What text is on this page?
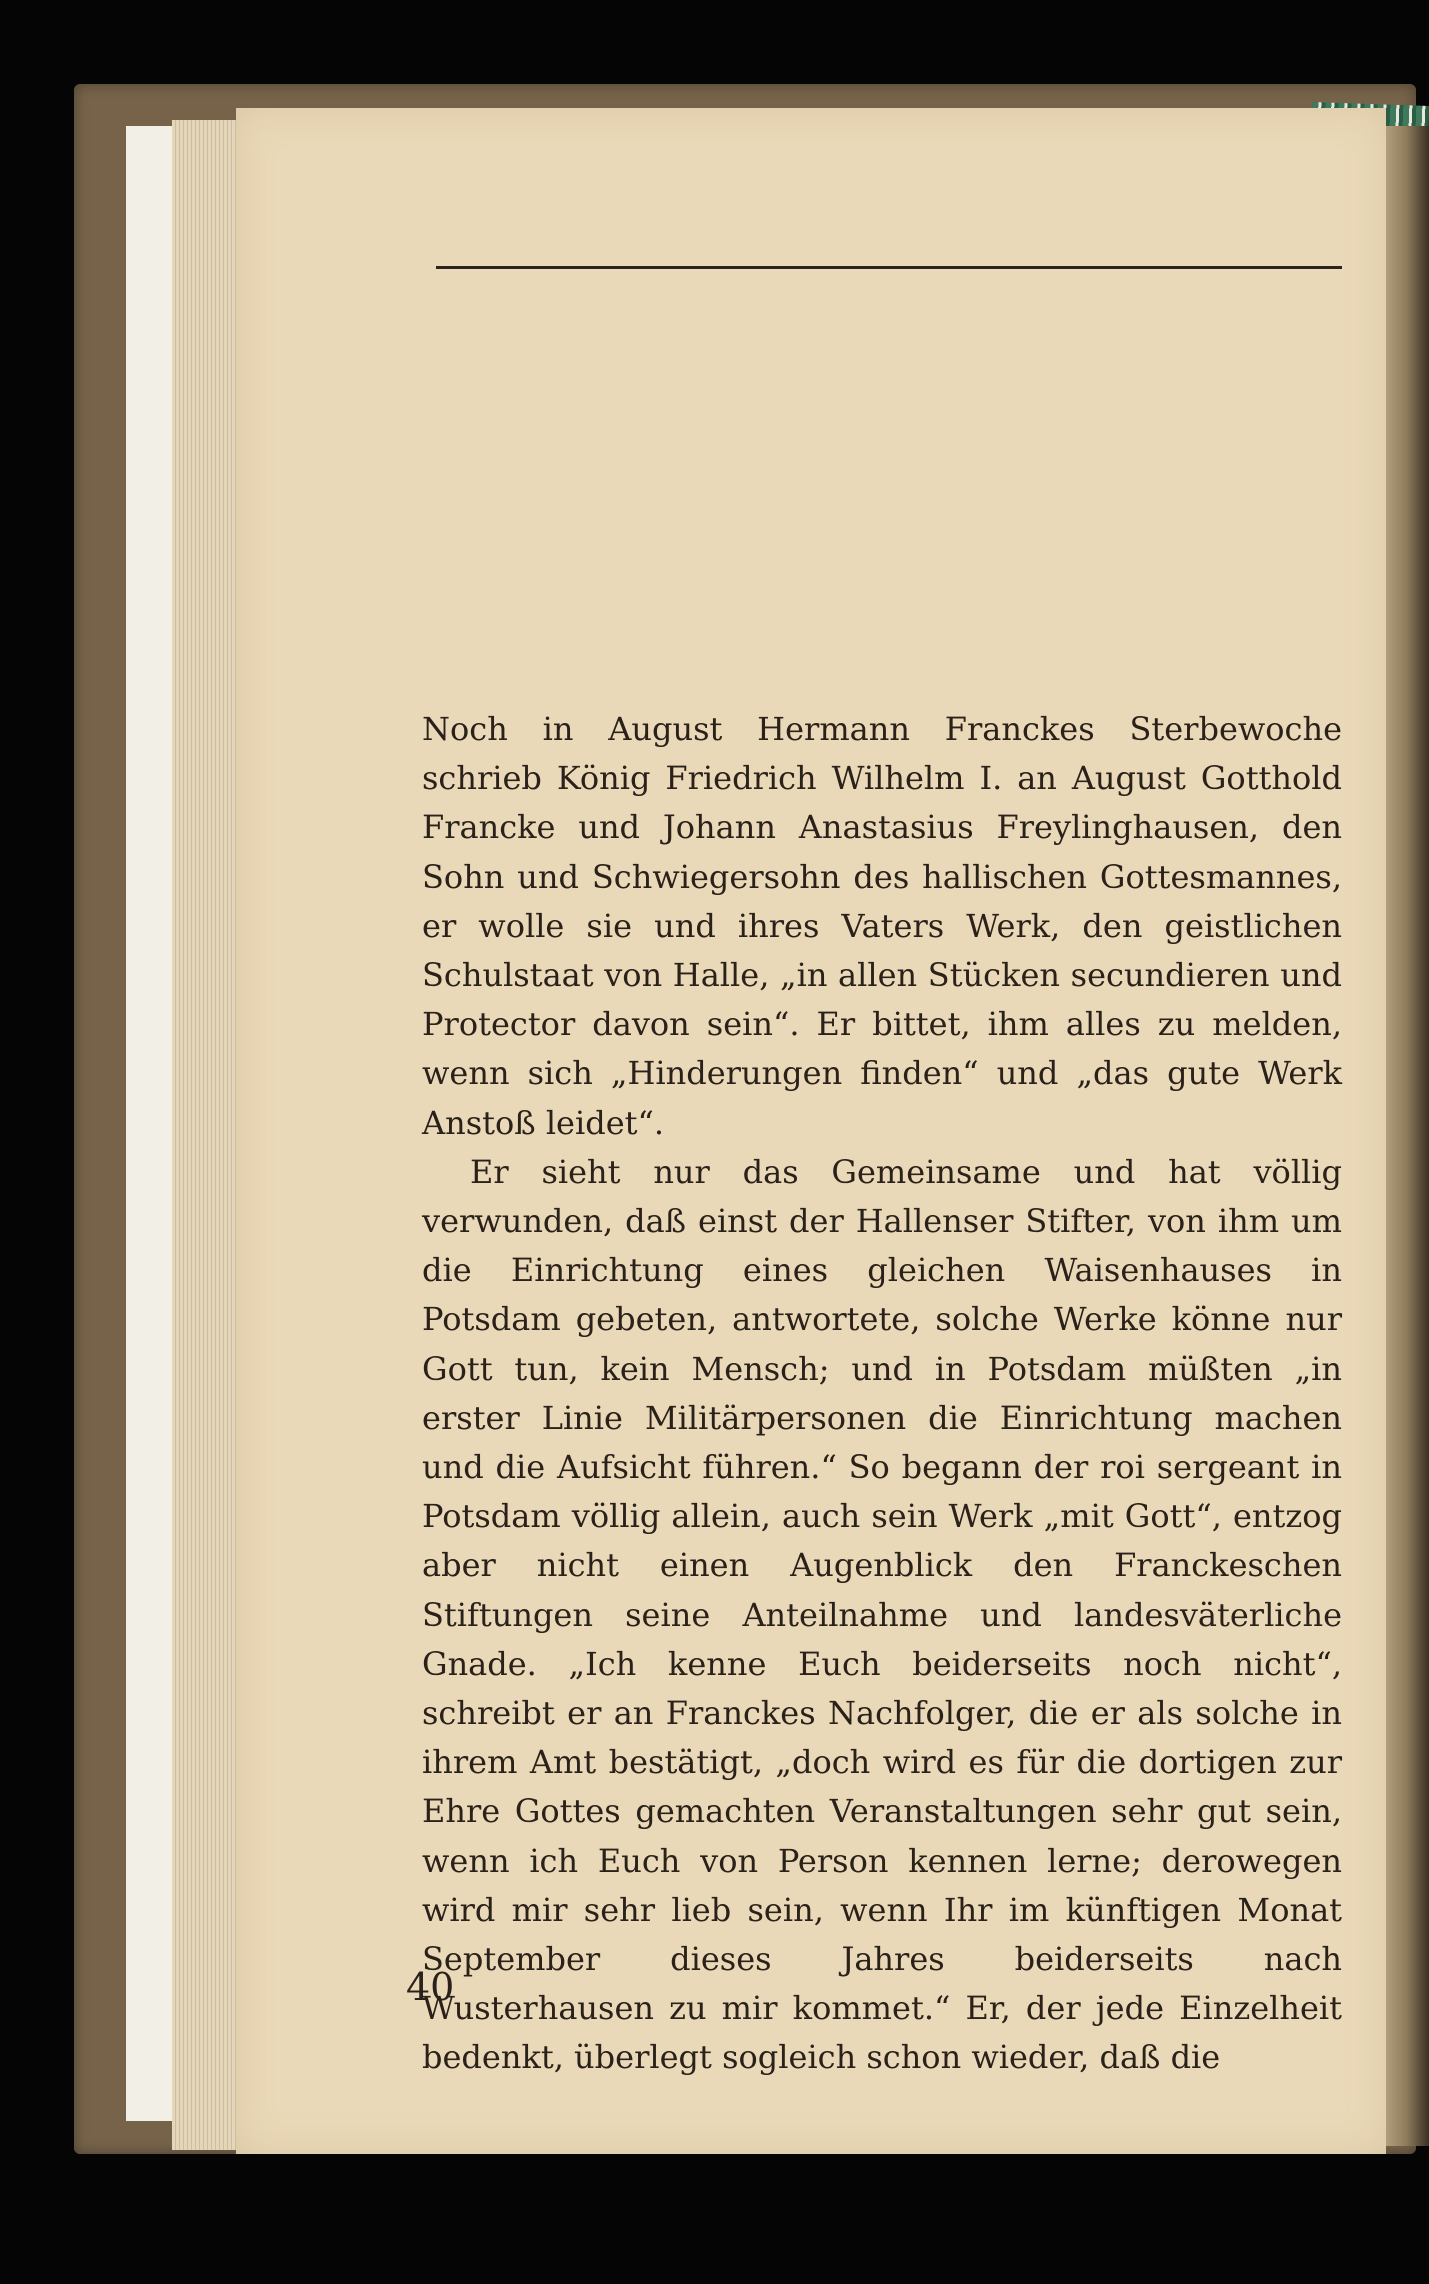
Noch in August Hermann Franckes Sterbewoche schrieb König Friedrich Wilhelm I. an August Gotthold Francke und Johann Anastasius Freylinghausen, den Sohn und Schwiegersohn des hallischen Gottesmannes, er wolle sie und ihres Vaters Werk, den geistlichen Schulstaat von Halle, „in allen Stücken secundieren und Protector davon sein“. Er bittet, ihm alles zu melden, wenn sich „Hinderungen finden“ und „das gute Werk Anstoß leidet“.

Er sieht nur das Gemeinsame und hat völlig verwunden, daß einst der Hallenser Stifter, von ihm um die Einrichtung eines gleichen Waisenhauses in Potsdam gebeten, antwortete, solche Werke könne nur Gott tun, kein Mensch; und in Potsdam müßten „in erster Linie Militärpersonen die Einrichtung machen und die Aufsicht führen.“ So begann der roi sergeant in Potsdam völlig allein, auch sein Werk „mit Gott“, entzog aber nicht einen Augenblick den Franckeschen Stiftungen seine Anteilnahme und landesväterliche Gnade. „Ich kenne Euch beiderseits noch nicht“, schreibt er an Franckes Nachfolger, die er als solche in ihrem Amt bestätigt, „doch wird es für die dortigen zur Ehre Gottes gemachten Veranstaltungen sehr gut sein, wenn ich Euch von Person kennen lerne; derowegen wird mir sehr lieb sein, wenn Ihr im künftigen Monat September dieses Jahres beiderseits nach Wusterhausen zu mir kommet.“ Er, der jede Einzelheit bedenkt, überlegt sogleich schon wieder, daß die

40
